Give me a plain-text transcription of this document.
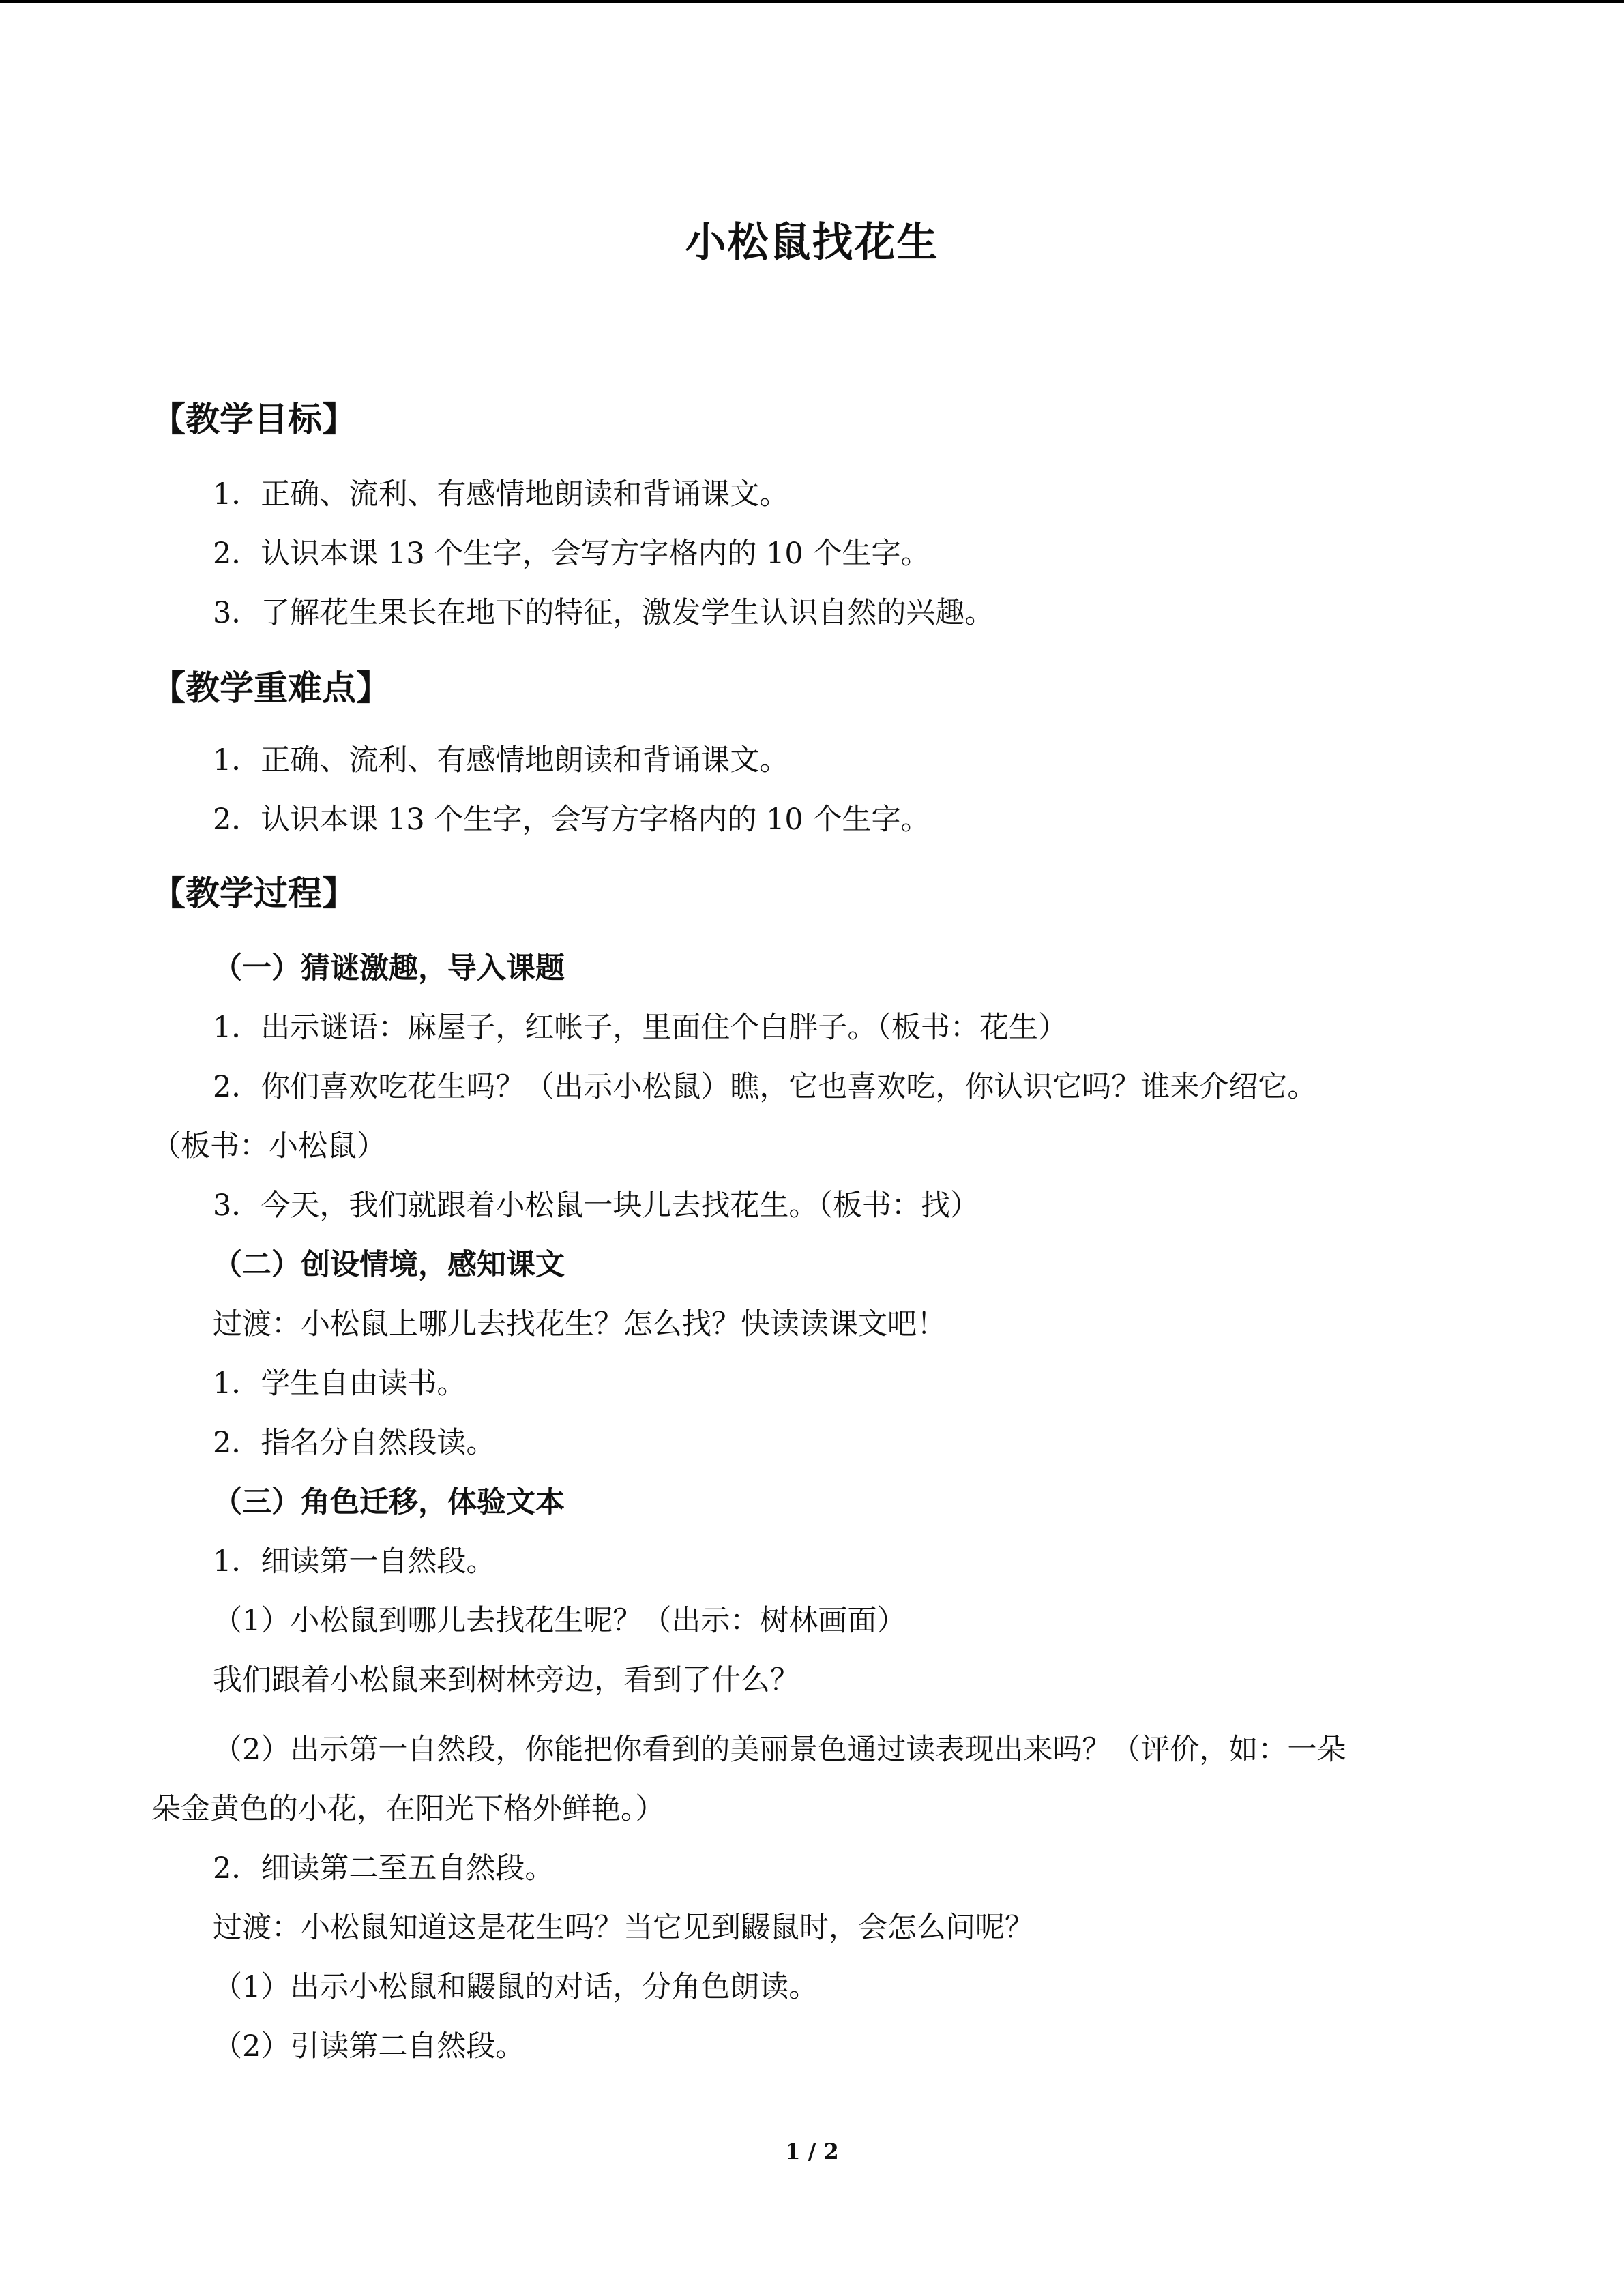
小松鼠找花生
【教学目标】
1．正确、流利、有感情地朗读和背诵课文。
2．认识本课 13 个生字，会写方字格内的 10 个生字。
3．了解花生果长在地下的特征，激发学生认识自然的兴趣。
【教学重难点】
1．正确、流利、有感情地朗读和背诵课文。
2．认识本课 13 个生字，会写方字格内的 10 个生字。
【教学过程】
（一）猜谜激趣，导入课题
1．出示谜语：麻屋子，红帐子，里面住个白胖子。（板书：花生）
2．你们喜欢吃花生吗？（出示小松鼠）瞧，它也喜欢吃，你认识它吗？谁来介绍它。
（板书：小松鼠）
3．今天，我们就跟着小松鼠一块儿去找花生。（板书：找）
（二）创设情境，感知课文
过渡：小松鼠上哪儿去找花生？怎么找？快读读课文吧！
1．学生自由读书。
2．指名分自然段读。
（三）角色迁移，体验文本
1．细读第一自然段。
（1）小松鼠到哪儿去找花生呢？（出示：树林画面）
我们跟着小松鼠来到树林旁边，看到了什么？
（2）出示第一自然段，你能把你看到的美丽景色通过读表现出来吗？（评价，如：一朵
朵金黄色的小花，在阳光下格外鲜艳。）
2．细读第二至五自然段。
过渡：小松鼠知道这是花生吗？当它见到鼹鼠时，会怎么问呢？
（1）出示小松鼠和鼹鼠的对话，分角色朗读。
（2）引读第二自然段。
1 / 2
